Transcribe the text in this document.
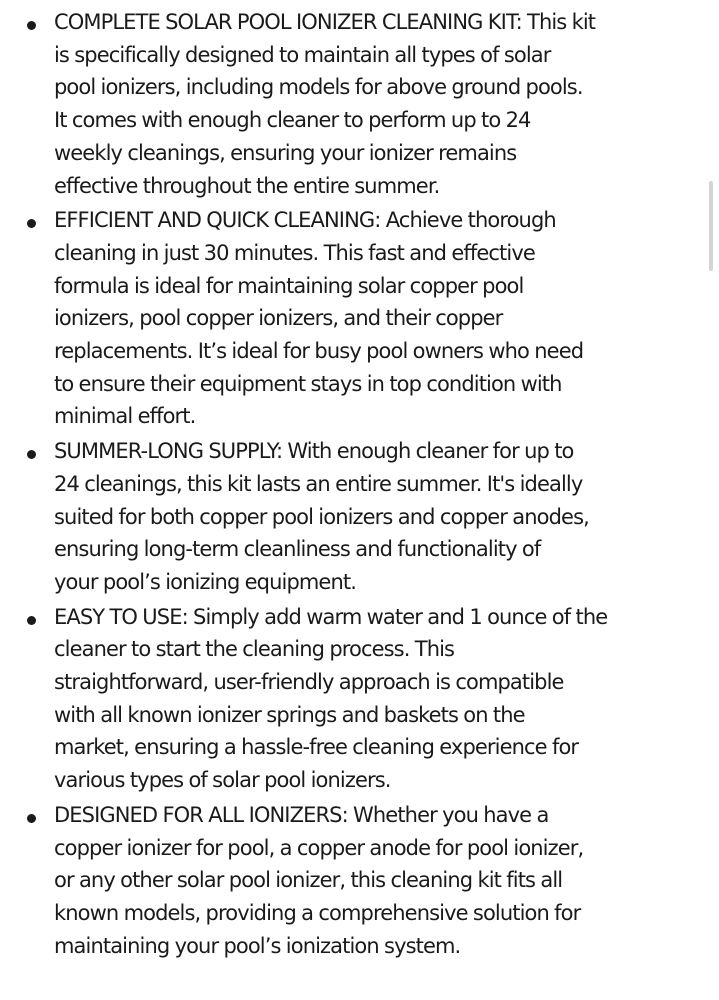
COMPLETE SOLAR POOL IONIZER CLEANING KIT: This kit
is specifically designed to maintain all types of solar
pool ionizers, including models for above ground pools.
It comes with enough cleaner to perform up to 24
weekly cleanings, ensuring your ionizer remains
effective throughout the entire summer.
EFFICIENT AND QUICK CLEANING: Achieve thorough
cleaning in just 30 minutes. This fast and effective
formula is ideal for maintaining solar copper pool
ionizers, pool copper ionizers, and their copper
replacements. It’s ideal for busy pool owners who need
to ensure their equipment stays in top condition with
minimal effort.
SUMMER-LONG SUPPLY: With enough cleaner for up to
24 cleanings, this kit lasts an entire summer. It's ideally
suited for both copper pool ionizers and copper anodes,
ensuring long-term cleanliness and functionality of
your pool’s ionizing equipment.
EASY TO USE: Simply add warm water and 1 ounce of the
cleaner to start the cleaning process. This
straightforward, user-friendly approach is compatible
with all known ionizer springs and baskets on the
market, ensuring a hassle-free cleaning experience for
various types of solar pool ionizers.
DESIGNED FOR ALL IONIZERS: Whether you have a
copper ionizer for pool, a copper anode for pool ionizer,
or any other solar pool ionizer, this cleaning kit fits all
known models, providing a comprehensive solution for
maintaining your pool’s ionization system.
